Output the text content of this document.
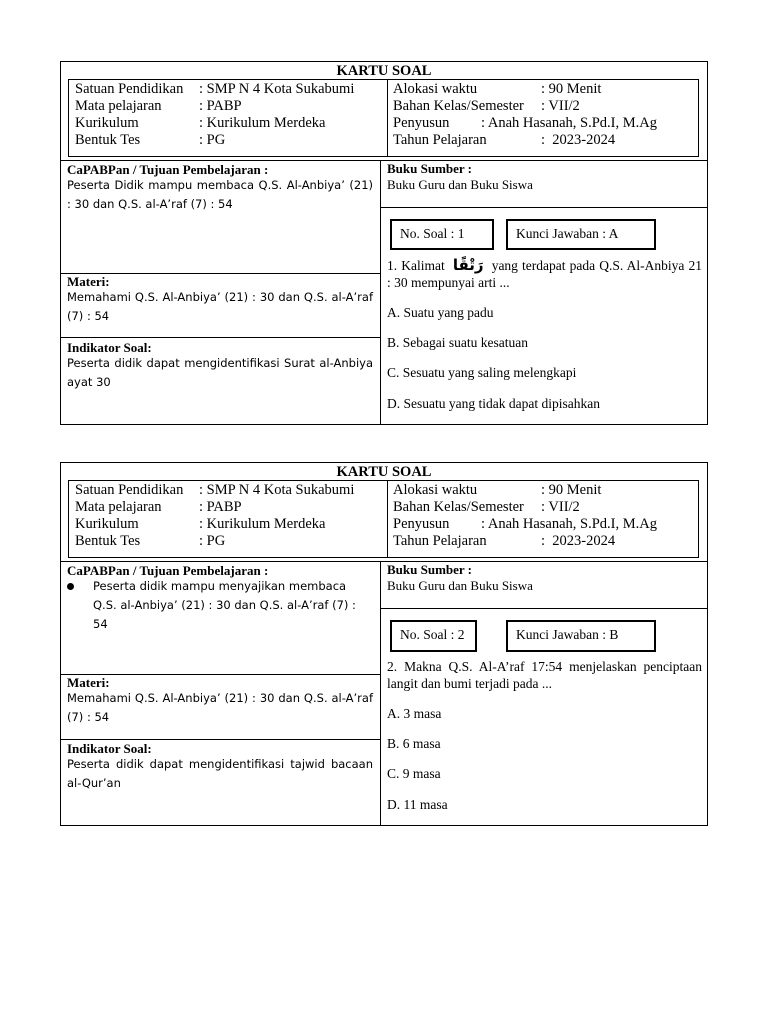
KARTU SOAL
Satuan Pendidikan : SMP N 4 Kota Sukabumi
Mata pelajaran	: PABP
Kurikulum	: Kurikulum Merdeka
Bentuk Tes	: PG
Alokasi waktu	: 90 Menit
Bahan Kelas/Semester : VII/2
Penyusun : Anah Hasanah, S.Pd.I, M.Ag
Tahun Pelajaran	:  2023-2024
CaPABPan / Tujuan Pembelajaran :
Peserta Didik mampu membaca Q.S. Al-Anbiya’ (21) : 30 dan Q.S. al-A’raf (7) : 54
Materi:
Memahami Q.S. Al-Anbiya’ (21) : 30 dan Q.S. al-A’raf (7) : 54
Indikator Soal:
Peserta didik dapat mengidentifikasi Surat al-Anbiya ayat 30
Buku Sumber :
Buku Guru dan Buku Siswa
No. Soal : 1	Kunci Jawaban : A
1. Kalimat رَتْقًا yang terdapat pada Q.S. Al-Anbiya 21 : 30 mempunyai arti ...
A. Suatu yang padu
B. Sebagai suatu kesatuan
C. Sesuatu yang saling melengkapi
D. Sesuatu yang tidak dapat dipisahkan
KARTU SOAL
Satuan Pendidikan : SMP N 4 Kota Sukabumi
Mata pelajaran	: PABP
Kurikulum	: Kurikulum Merdeka
Bentuk Tes	: PG
Alokasi waktu	: 90 Menit
Bahan Kelas/Semester : VII/2
Penyusun : Anah Hasanah, S.Pd.I, M.Ag
Tahun Pelajaran	:  2023-2024
CaPABPan / Tujuan Pembelajaran :
Peserta didik mampu menyajikan membaca Q.S. al-Anbiya’ (21) : 30 dan Q.S. al-A’raf (7) : 54
Materi:
Memahami Q.S. Al-Anbiya’ (21) : 30 dan Q.S. al-A’raf (7) : 54
Indikator Soal:
Peserta didik dapat mengidentifikasi tajwid bacaan al-Qur’an
Buku Sumber :
Buku Guru dan Buku Siswa
No. Soal : 2	Kunci Jawaban : B
2. Makna Q.S. Al-A’raf 17:54 menjelaskan penciptaan langit dan bumi terjadi pada ...
A. 3 masa
B. 6 masa
C. 9 masa
D. 11 masa
